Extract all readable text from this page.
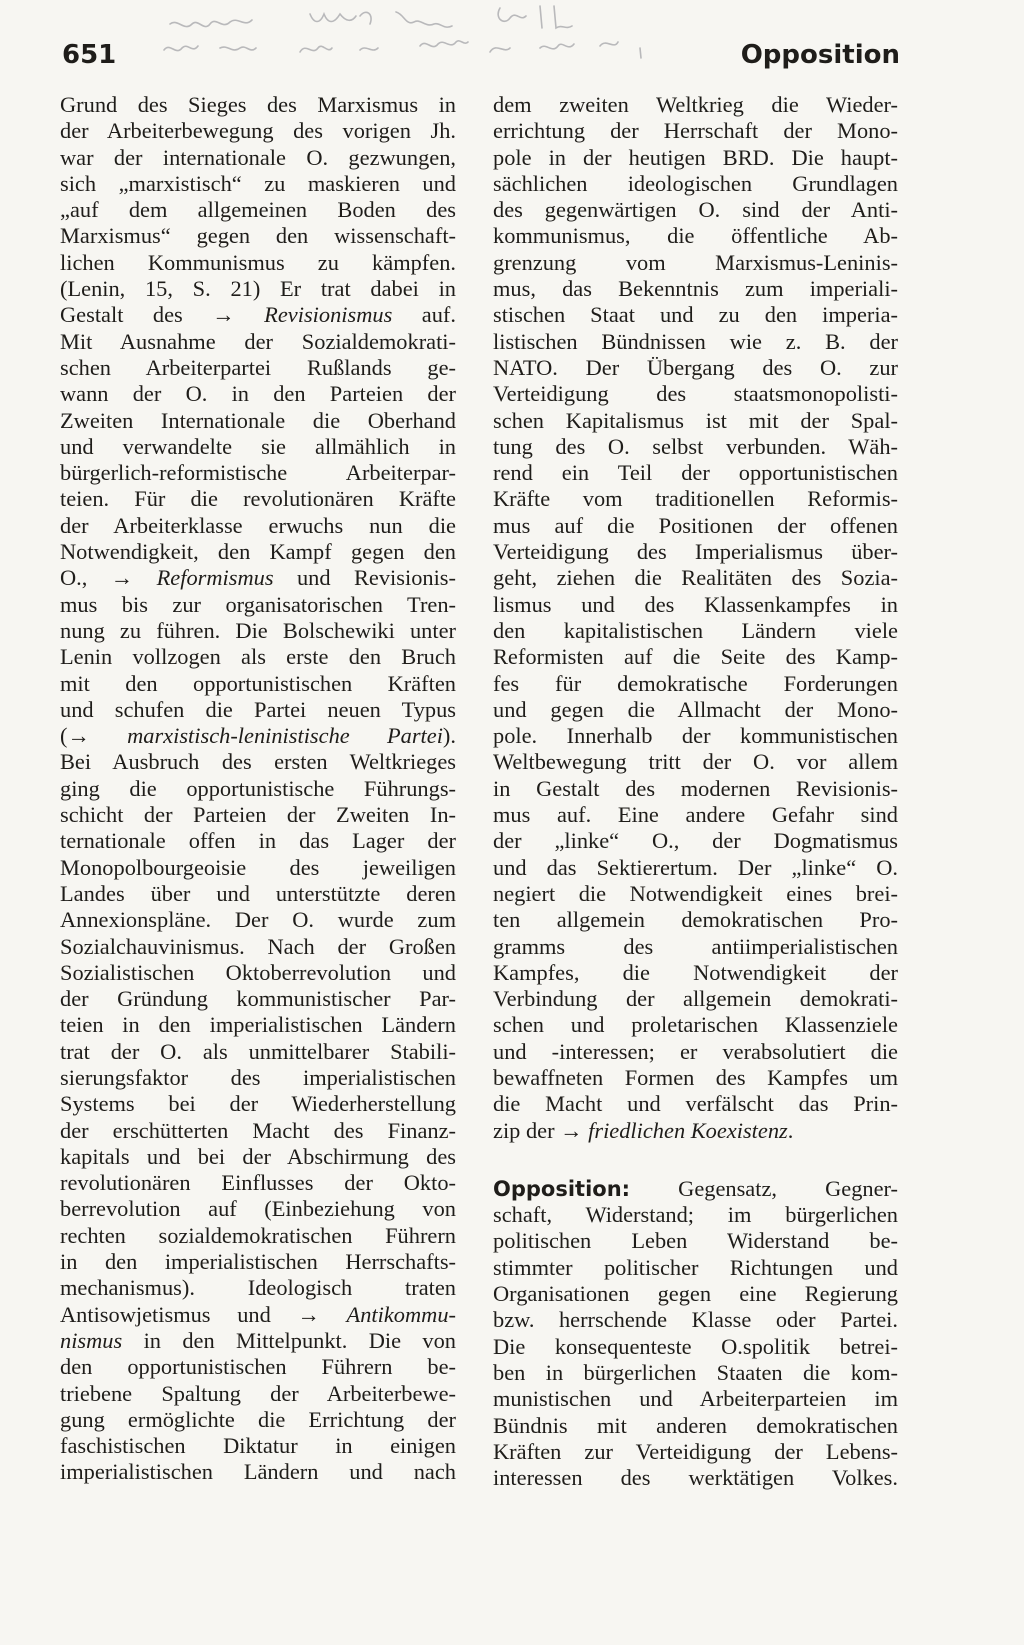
651	Opposition
Grund des Sieges des Marxismus in
der Arbeiterbewegung des vorigen Jh.
war der internationale O. gezwungen,
sich „marxistisch“ zu maskieren und
„auf dem allgemeinen Boden des
Marxismus“ gegen den wissenschaft-
lichen Kommunismus zu kämpfen.
(Lenin, 15, S. 21) Er trat dabei in
Gestalt des → Revisionismus auf.
Mit Ausnahme der Sozialdemokrati-
schen Arbeiterpartei Rußlands ge-
wann der O. in den Parteien der
Zweiten Internationale die Oberhand
und verwandelte sie allmählich in
bürgerlich-reformistische Arbeiterpar-
teien. Für die revolutionären Kräfte
der Arbeiterklasse erwuchs nun die
Notwendigkeit, den Kampf gegen den
O., → Reformismus und Revisionis-
mus bis zur organisatorischen Tren-
nung zu führen. Die Bolschewiki unter
Lenin vollzogen als erste den Bruch
mit den opportunistischen Kräften
und schufen die Partei neuen Typus
(→ marxistisch-leninistische Partei).
Bei Ausbruch des ersten Weltkrieges
ging die opportunistische Führungs-
schicht der Parteien der Zweiten In-
ternationale offen in das Lager der
Monopolbourgeoisie des jeweiligen
Landes über und unterstützte deren
Annexionspläne. Der O. wurde zum
Sozialchauvinismus. Nach der Großen
Sozialistischen Oktoberrevolution und
der Gründung kommunistischer Par-
teien in den imperialistischen Ländern
trat der O. als unmittelbarer Stabili-
sierungsfaktor des imperialistischen
Systems bei der Wiederherstellung
der erschütterten Macht des Finanz-
kapitals und bei der Abschirmung des
revolutionären Einflusses der Okto-
berrevolution auf (Einbeziehung von
rechten sozialdemokratischen Führern
in den imperialistischen Herrschafts-
mechanismus). Ideologisch traten
Antisowjetismus und → Antikommu-
nismus in den Mittelpunkt. Die von
den opportunistischen Führern be-
triebene Spaltung der Arbeiterbewe-
gung ermöglichte die Errichtung der
faschistischen Diktatur in einigen
imperialistischen Ländern und nach
dem zweiten Weltkrieg die Wieder-
errichtung der Herrschaft der Mono-
pole in der heutigen BRD. Die haupt-
sächlichen ideologischen Grundlagen
des gegenwärtigen O. sind der Anti-
kommunismus, die öffentliche Ab-
grenzung vom Marxismus-Leninis-
mus, das Bekenntnis zum imperiali-
stischen Staat und zu den imperia-
listischen Bündnissen wie z. B. der
NATO. Der Übergang des O. zur
Verteidigung des staatsmonopolisti-
schen Kapitalismus ist mit der Spal-
tung des O. selbst verbunden. Wäh-
rend ein Teil der opportunistischen
Kräfte vom traditionellen Reformis-
mus auf die Positionen der offenen
Verteidigung des Imperialismus über-
geht, ziehen die Realitäten des Sozia-
lismus und des Klassenkampfes in
den kapitalistischen Ländern viele
Reformisten auf die Seite des Kamp-
fes für demokratische Forderungen
und gegen die Allmacht der Mono-
pole. Innerhalb der kommunistischen
Weltbewegung tritt der O. vor allem
in Gestalt des modernen Revisionis-
mus auf. Eine andere Gefahr sind
der „linke“ O., der Dogmatismus
und das Sektierertum. Der „linke“ O.
negiert die Notwendigkeit eines brei-
ten allgemein demokratischen Pro-
gramms des antiimperialistischen
Kampfes, die Notwendigkeit der
Verbindung der allgemein demokrati-
schen und proletarischen Klassenziele
und -interessen; er verabsolutiert die
bewaffneten Formen des Kampfes um
die Macht und verfälscht das Prin-
zip der → friedlichen Koexistenz.
Opposition: Gegensatz, Gegner-
schaft, Widerstand; im bürgerlichen
politischen Leben Widerstand be-
stimmter politischer Richtungen und
Organisationen gegen eine Regierung
bzw. herrschende Klasse oder Partei.
Die konsequenteste O.spolitik betrei-
ben in bürgerlichen Staaten die kom-
munistischen und Arbeiterparteien im
Bündnis mit anderen demokratischen
Kräften zur Verteidigung der Lebens-
interessen des werktätigen Volkes.
